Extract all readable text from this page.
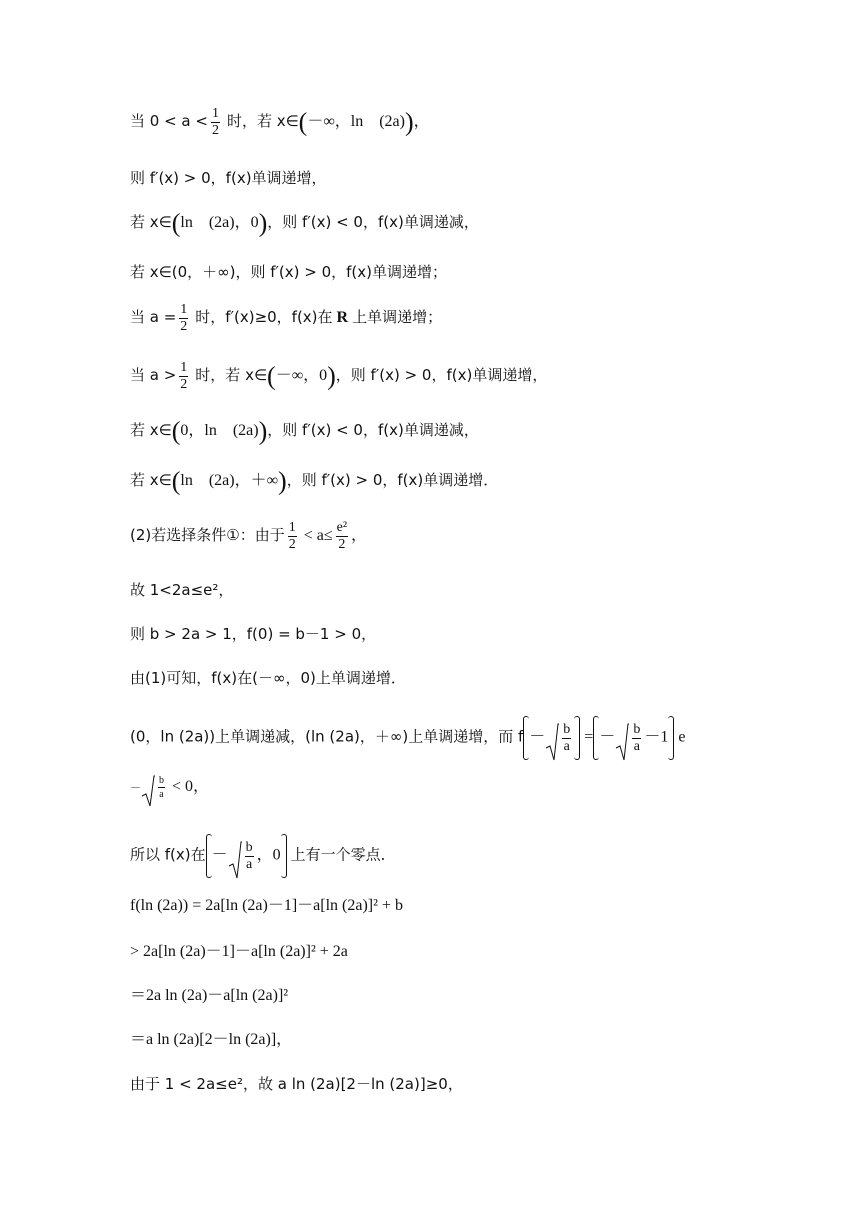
当 $0 < a < \frac{1}{2}$ 时，若 x∈(－∞，ln　(2a))，
则 f′(x) > 0，f(x)单调递增，
若 x∈(ln　(2a)，0)，则 f′(x) < 0，f(x)单调递减，
若 x∈(0，＋∞)，则 f′(x) > 0，f(x)单调递增；
当 $a = \frac{1}{2}$ 时，f′(x)≥0，f(x)在 R 上单调递增；
当 $a > \frac{1}{2}$ 时，若 x∈(－∞，0)，则 f′(x) > 0，f(x)单调递增，
若 x∈(0，ln　(2a))，则 f′(x) < 0，f(x)单调递减，
若 x∈(ln　(2a)，＋∞)，则 f′(x) > 0，f(x)单调递增．
(2)若选择条件①：由于 $\frac{1}{2} < a\le \frac{\text{e²}}{2}$ ，
故 1<2a≤e²，
则 b > 2a > 1，f(0) = b－1 > 0，
由(1)可知，f(x)在(－∞，0)上单调递增．
(0，ln (2a))上单调递减，(ln (2a)，＋∞)上单调递增，而 $f - \frac{b}{a}$ = － $\frac{b}{a} -1$ e
－ $\frac{b}{a} < 0$，
所以 f(x)在 － $\frac{b}{a}$ ，0 上有一个零点．
f(ln (2a)) = 2a[ln (2a)－1]－a[ln (2a)]² + b
> 2a[ln (2a)－1]－a[ln (2a)]² + 2a
＝2a ln (2a)－a[ln (2a)]²
＝a ln (2a)[2－ln (2a)]，
由于 1 < 2a≤e²，故 a ln (2a)[2－ln (2a)]≥0，
